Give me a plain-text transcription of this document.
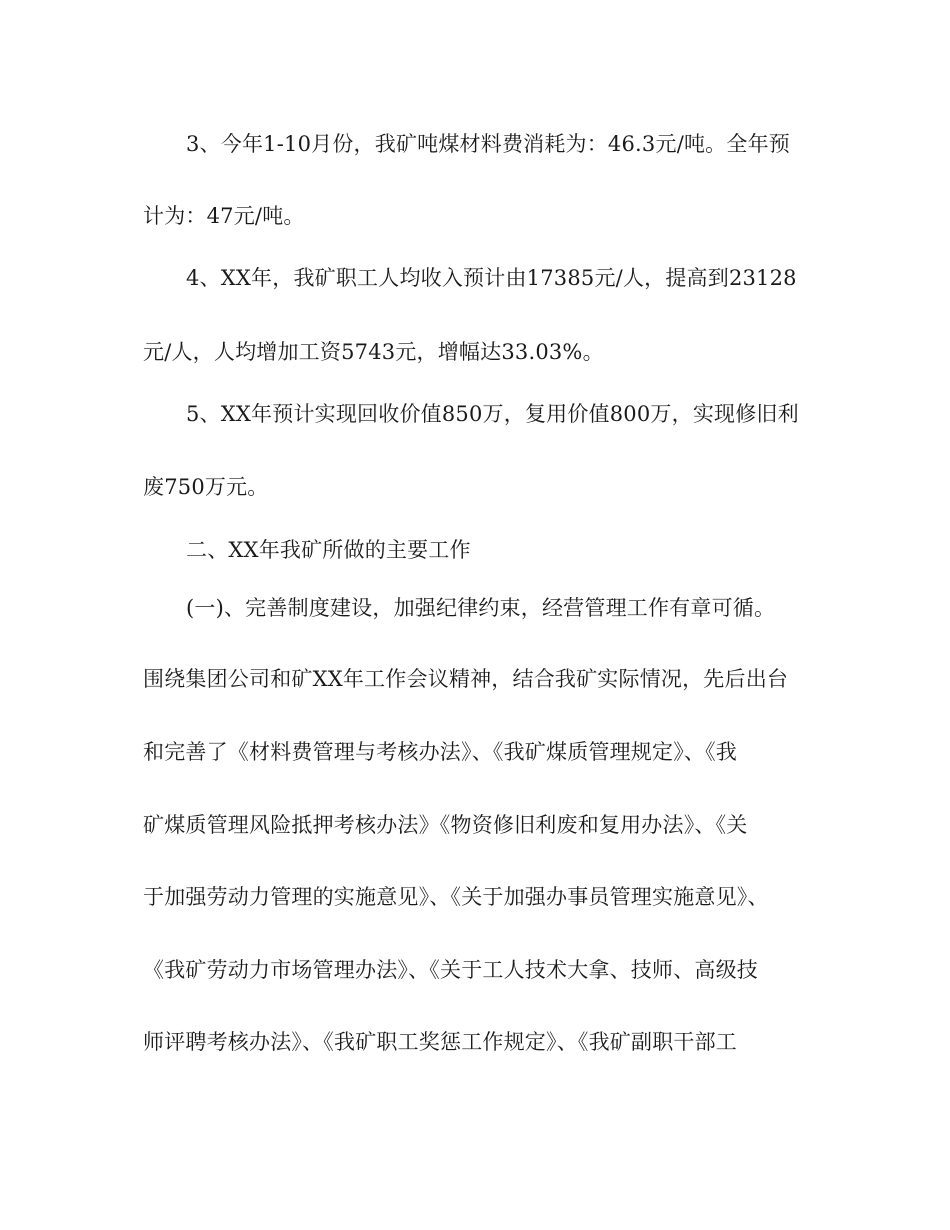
3、今年1-10月份，我矿吨煤材料费消耗为：46.3元/吨。全年预
计为：47元/吨。
4、XX年，我矿职工人均收入预计由17385元/人，提高到23128
元/人，人均增加工资5743元，增幅达33.03%。
5、XX年预计实现回收价值850万，复用价值800万，实现修旧利
废750万元。
二、XX年我矿所做的主要工作
(一)、完善制度建设，加强纪律约束，经营管理工作有章可循。
围绕集团公司和矿XX年工作会议精神，结合我矿实际情况，先后出台
和完善了《材料费管理与考核办法》、《我矿煤质管理规定》、《我
矿煤质管理风险抵押考核办法》《物资修旧利废和复用办法》、《关
于加强劳动力管理的实施意见》、《关于加强办事员管理实施意见》、
《我矿劳动力市场管理办法》、《关于工人技术大拿、技师、高级技
师评聘考核办法》、《我矿职工奖惩工作规定》、《我矿副职干部工
